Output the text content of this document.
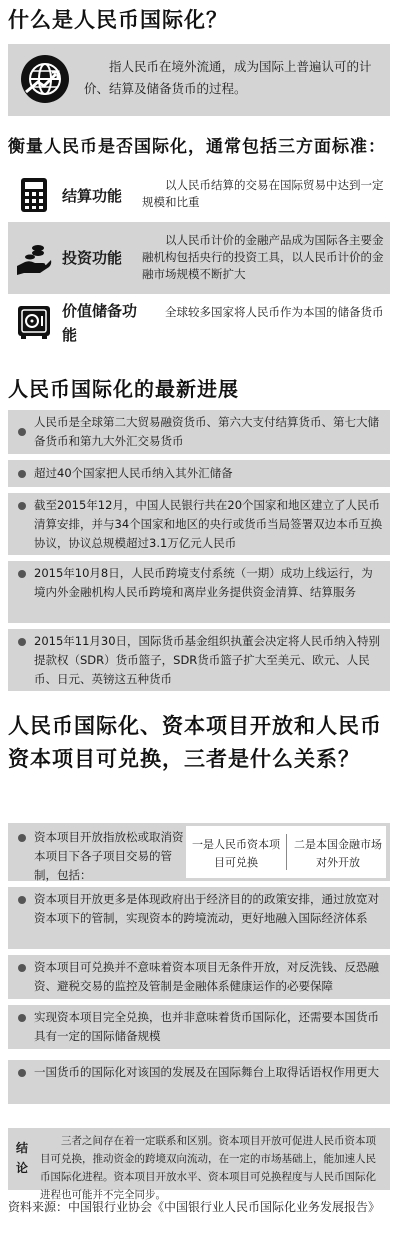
什么是人民币国际化？
指人民币在境外流通，成为国际上普遍认可的计价、结算及储备货币的过程。
衡量人民币是否国际化，通常包括三方面标准：
结算功能
以人民币结算的交易在国际贸易中达到一定规模和比重
投资功能
以人民币计价的金融产品成为国际各主要金融机构包括央行的投资工具，以人民币计价的金融市场规模不断扩大
价值储备功能
全球较多国家将人民币作为本国的储备货币
人民币国际化的最新进展
人民币是全球第二大贸易融资货币、第六大支付结算货币、第七大储备货币和第九大外汇交易货币
超过40个国家把人民币纳入其外汇储备
截至2015年12月，中国人民银行共在20个国家和地区建立了人民币清算安排，并与34个国家和地区的央行或货币当局签署双边本币互换协议，协议总规模超过3.1万亿元人民币
2015年10月8日，人民币跨境支付系统（一期）成功上线运行，为境内外金融机构人民币跨境和离岸业务提供资金清算、结算服务
2015年11月30日，国际货币基金组织执董会决定将人民币纳入特别提款权（SDR）货币篮子，SDR货币篮子扩大至美元、欧元、人民币、日元、英镑这五种货币
人民币国际化、资本项目开放和人民币资本项目可兑换，三者是什么关系？
资本项目开放指放松或取消资本项目下各子项目交易的管制，包括：
一是人民币资本项目可兑换
二是本国金融市场对外开放
资本项目开放更多是体现政府出于经济目的的政策安排，通过放宽对资本项下的管制，实现资本的跨境流动，更好地融入国际经济体系
资本项目可兑换并不意味着资本项目无条件开放，对反洗钱、反恐融资、避税交易的监控及管制是金融体系健康运作的必要保障
实现资本项目完全兑换，也并非意味着货币国际化，还需要本国货币具有一定的国际储备规模
一国货币的国际化对该国的发展及在国际舞台上取得话语权作用更大
结论
三者之间存在着一定联系和区别。资本项目开放可促进人民币资本项目可兑换，推动资金的跨境双向流动，在一定的市场基础上，能加速人民币国际化进程。资本项目开放水平、资本项目可兑换程度与人民币国际化进程也可能并不完全同步。
资料来源：中国银行业协会《中国银行业人民币国际化业务发展报告》
